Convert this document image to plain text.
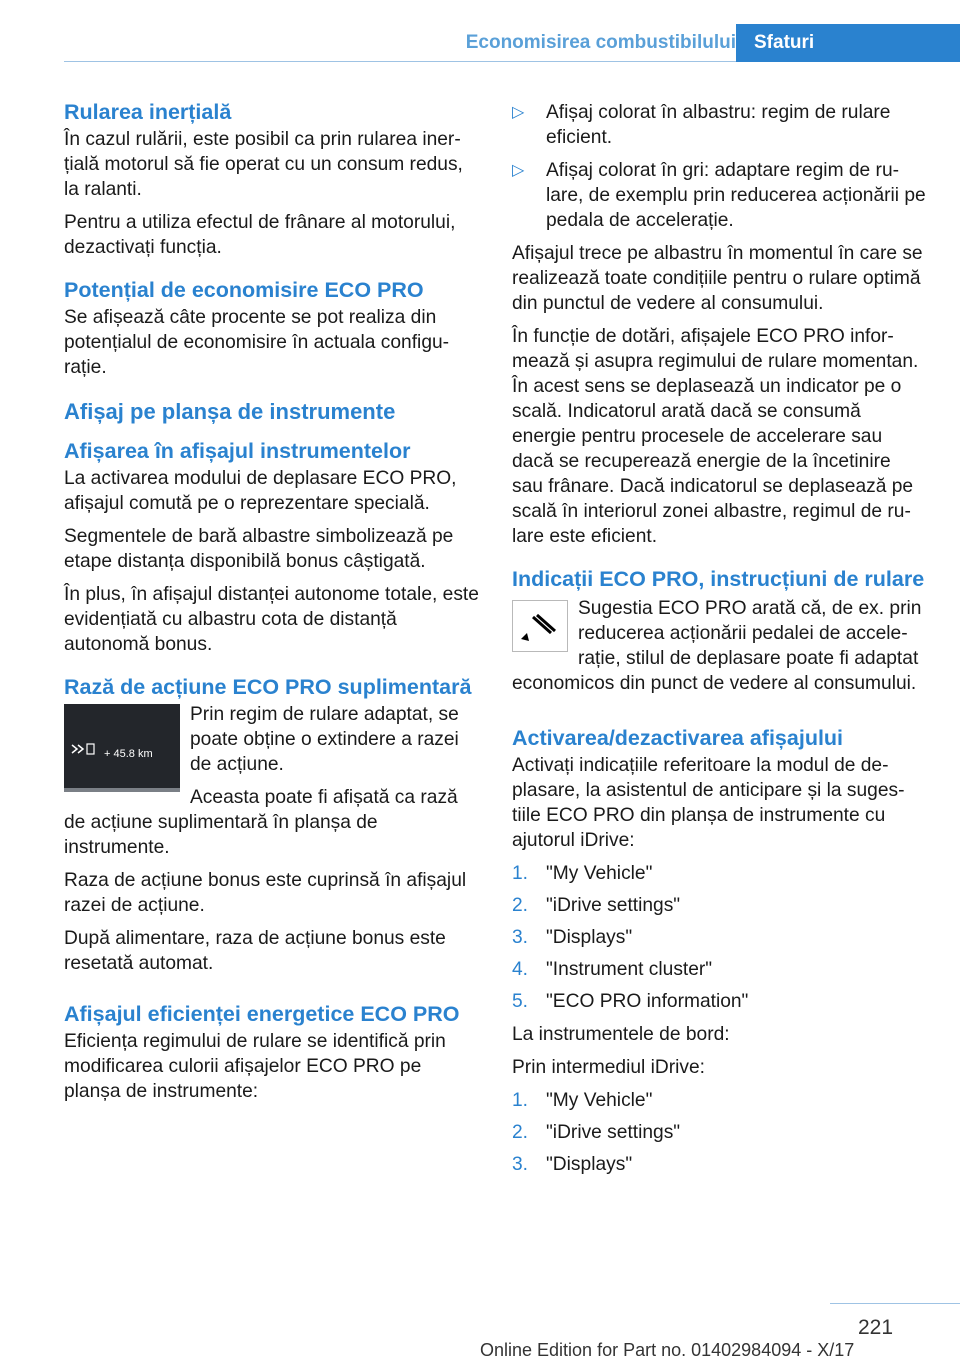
Economisirea combustibilului Sfaturi
Rularea inerțială

În cazul rulării, este posibil ca prin rularea inerțială motorul să fie operat cu un consum redus, la ralanti.

Pentru a utiliza efectul de frânare al motorului, dezactivați funcția.

Potențial de economisire ECO PRO

Se afișează câte procente se pot realiza din potențialul de economisire în actuala configurație.

Afișaj pe planșa de instrumente
Afișarea în afișajul instrumentelor

La activarea modului de deplasare ECO PRO, afișajul comută pe o reprezentare specială.

Segmentele de bară albastre simbolizează pe etape distanța disponibilă bonus câștigată.

În plus, în afișajul distanței autonome totale, este evidențiată cu albastru cota de distanță autonomă bonus.

Rază de acțiune ECO PRO suplimentară
+ 45.8 km

Prin regim de rulare adaptat, se poate obține o extindere a razei de acțiune.

Aceasta poate fi afișată ca rază de acțiune suplimentară în planșa de instrumente.

Raza de acțiune bonus este cuprinsă în afișajul razei de acțiune.

După alimentare, raza de acțiune bonus este resetată automat.

Afișajul eficienței energetice ECO PRO

Eficiența regimului de rulare se identifică prin modificarea culorii afișajelor ECO PRO pe planșa de instrumente:

▷ Afișaj colorat în albastru: regim de rulare eficient.
▷ Afișaj colorat în gri: adaptare regim de rulare, de exemplu prin reducerea acționării pe pedala de accelerație.

Afișajul trece pe albastru în momentul în care se realizează toate condițiile pentru o rulare optimă din punctul de vedere al consumului.

În funcție de dotări, afișajele ECO PRO informează și asupra regimului de rulare momentan. În acest sens se deplasează un indicator pe o scală. Indicatorul arată dacă se consumă energie pentru procesele de accelerare sau dacă se recuperează energie de la încetinire sau frânare. Dacă indicatorul se deplasează pe scală în interiorul zonei albastre, regimul de rulare este eficient.

Indicații ECO PRO, instrucțiuni de rulare

Sugestia ECO PRO arată că, de ex. prin reducerea acționării pedalei de accelerație, stilul de deplasare poate fi adaptat economicos din punct de vedere al consumului.

Activarea/dezactivarea afișajului

Activați indicațiile referitoare la modul de deplasare, la asistentul de anticipare și la sugestiile ECO PRO din planșa de instrumente cu ajutorul iDrive:

1. "My Vehicle"
2. "iDrive settings"
3. "Displays"
4. "Instrument cluster"
5. "ECO PRO information"

La instrumentele de bord:

Prin intermediul iDrive:

1. "My Vehicle"
2. "iDrive settings"
3. "Displays"
221
Online Edition for Part no. 01402984094 - X/17
